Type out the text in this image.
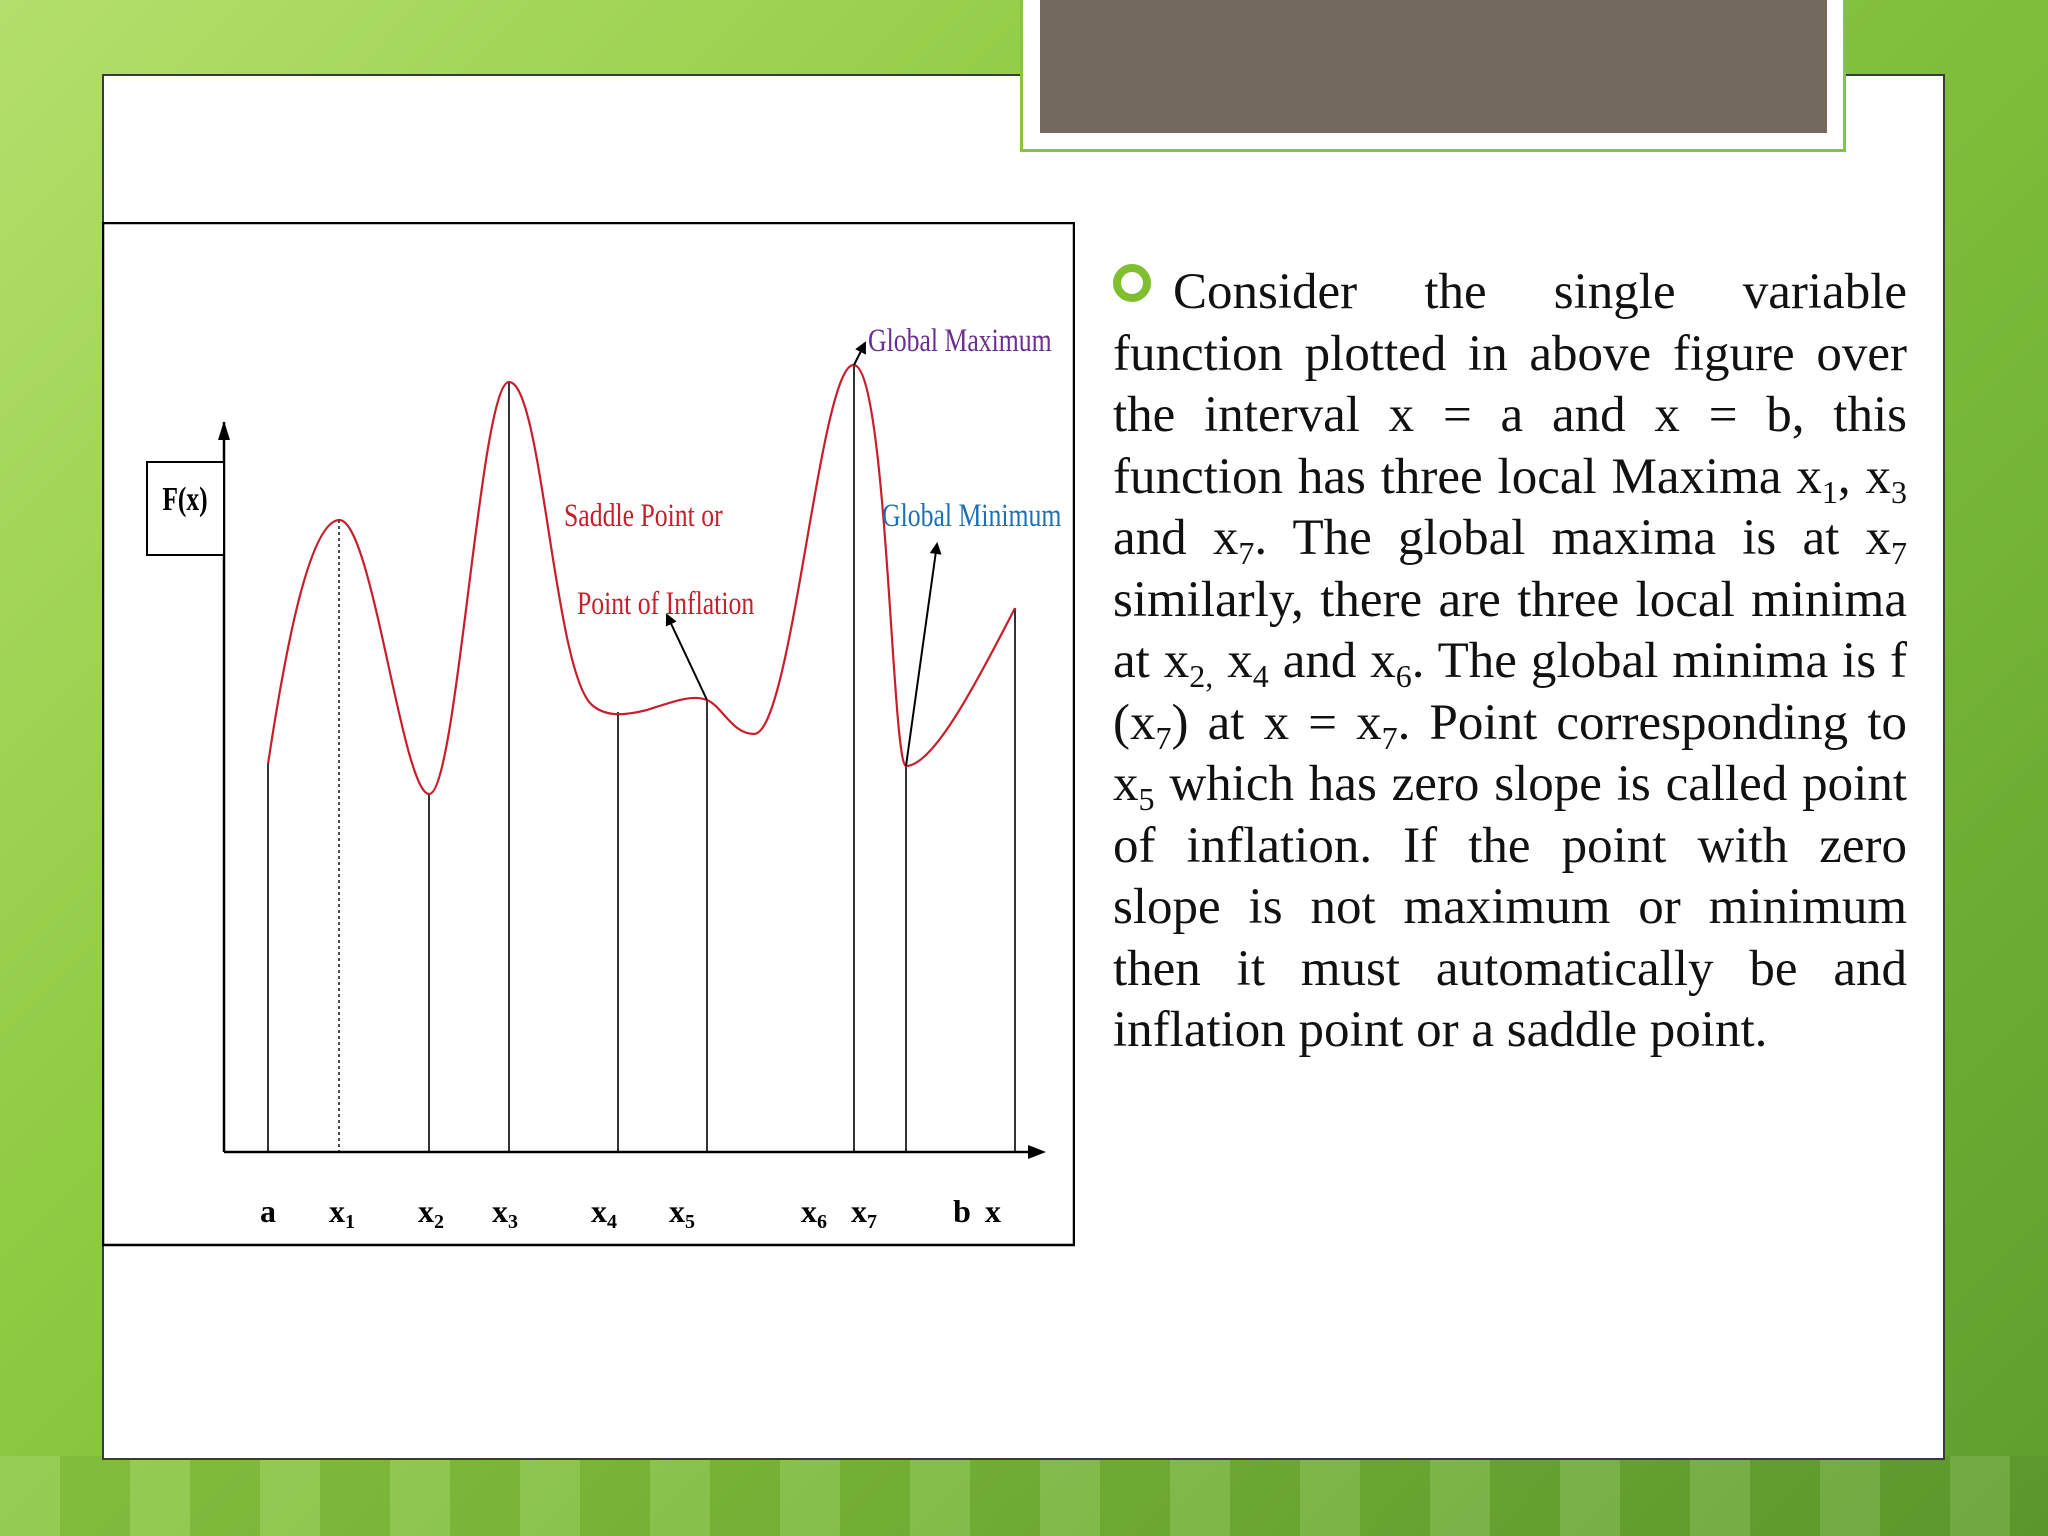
F(x)
Global Maximum
Global Minimum
Saddle Point or
Point of Inflation
a x1 x2 x3 x4 x5	x6 x7 b x
Consider the single variable function plotted in above figure over the interval x = a and x = b, this function has three local Maxima $x_1$, $x_3$ and $x_7$. The global maxima is at $x_7$ similarly, there are three local minima at $x_{2,}$ $x_4$ and $x_6$. The global minima is f $(x_7)$ at $x = x_7$. Point corresponding to $x_5$ which has zero slope is called point of inflation. If the point with zero slope is not maximum or minimum then it must automatically be and inflation point or a saddle point.
